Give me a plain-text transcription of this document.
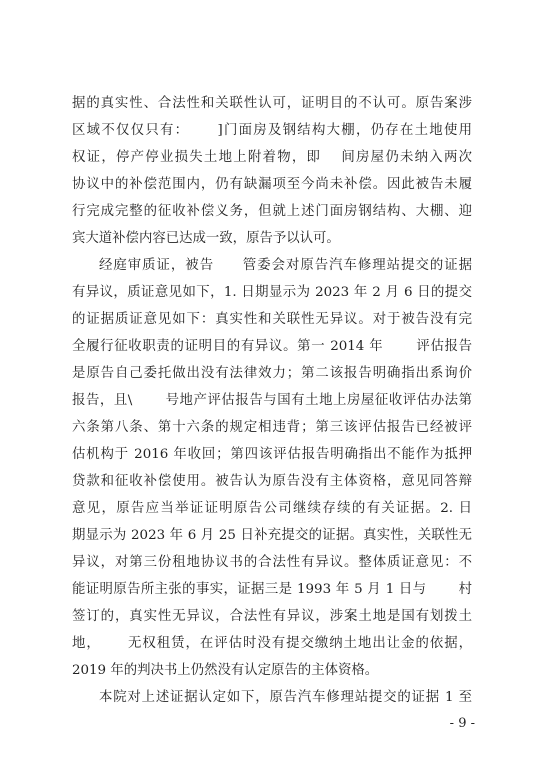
据的真实性、合法性和关联性认可，证明目的不认可。原告案涉
区域不仅仅只有：　　 ]门面房及钢结构大棚，仍存在土地使用
权证，停产停业损失土地上附着物，即　 间房屋仍未纳入两次
协议中的补偿范围内，仍有缺漏项至今尚未补偿。因此被告未履
行完成完整的征收补偿义务，但就上述门面房钢结构、大棚、迎
宾大道补偿内容已达成一致，原告予以认可。
经庭审质证，被告　　管委会对原告汽车修理站提交的证据
有异议，质证意见如下，1. 日期显示为 2023 年 2 月 6 日的提交
的证据质证意见如下：真实性和关联性无异议。对于被告没有完
全履行征收职责的证明目的有异议。第一 2014 年　　 评估报告
是原告自己委托做出没有法律效力；第二该报告明确指出系询价
报告，且\　　 号地产评估报告与国有土地上房屋征收评估办法第
六条第八条、第十六条的规定相违背；第三该评估报告已经被评
估机构于 2016 年收回；第四该评估报告明确指出不能作为抵押
贷款和征收补偿使用。被告认为原告没有主体资格，意见同答辩
意见，原告应当举证证明原告公司继续存续的有关证据。2. 日
期显示为 2023 年 6 月 25 日补充提交的证据。真实性，关联性无
异议，对第三份租地协议书的合法性有异议。整体质证意见：不
能证明原告所主张的事实，证据三是 1993 年 5 月 1 日与　　 村
签订的，真实性无异议，合法性有异议，涉案土地是国有划拨土
地，　　 无权租赁，在评估时没有提交缴纳土地出让金的依据，
2019 年的判决书上仍然没有认定原告的主体资格。
本院对上述证据认定如下，原告汽车修理站提交的证据 1 至
- 9 -
